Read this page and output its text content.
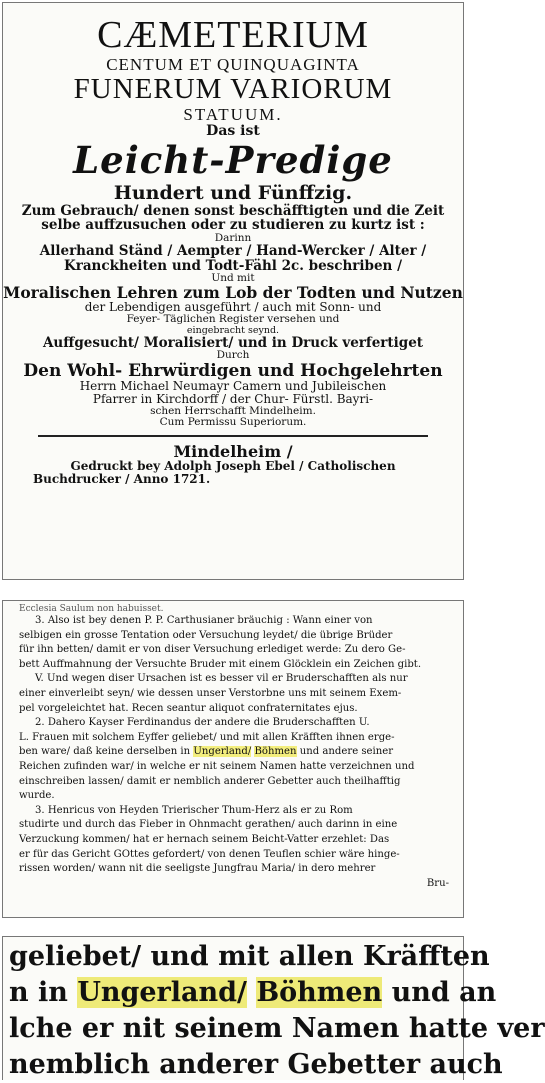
CÆMETERIUM
CENTUM ET QUINQUAGINTA
FUNERUM VARIORUM
STATUUM.
Das ist
Leicht-Predige
Hundert und Fünffzig.
Zum Gebrauch/ denen sonst beschäfftigten und die Zeit
selbe auffzusuchen oder zu studieren zu kurtz ist :
Darinn
Allerhand Ständ / Aempter / Hand-Wercker / Alter /
Kranckheiten und Todt-Fähl 2c. beschriben /
Und mit
Moralischen Lehren zum Lob der Todten und Nutzen
der Lebendigen ausgeführt / auch mit Sonn- und
Feyer- Täglichen Register versehen und
eingebracht seynd.
Auffgesucht/ Moralisiert/ und in Druck verfertiget
Durch
Den Wohl- Ehrwürdigen und Hochgelehrten
Herrn Michael Neumayr Camern und Jubileischen
Pfarrer in Kirchdorff / der Chur- Fürstl. Bayri-
schen Herrschafft Mindelheim.
Cum Permissu Superiorum.
Mindelheim /
Gedruckt bey Adolph Joseph Ebel / Catholischen
Buchdrucker / Anno 1721.
Ecclesia Saulum non habuisset.
3. Also ist bey denen P. P. Carthusianer bräuchig : Wann einer von
selbigen ein grosse Tentation oder Versuchung leydet/ die übrige Brüder
für ihn betten/ damit er von diser Versuchung erlediget werde: Zu dero Ge-
bett Auffmahnung der Versuchte Bruder mit einem Glöcklein ein Zeichen gibt.
V. Und wegen diser Ursachen ist es besser vil er Bruderschafften als nur
einer einverleibt seyn/ wie dessen unser Verstorbne uns mit seinem Exem-
pel vorgeleichtet hat. Recen seantur aliquot confraternitates ejus.
2. Dahero Kayser Ferdinandus der andere die Bruderschafften U.
L. Frauen mit solchem Eyffer geliebet/ und mit allen Kräfften ihnen erge-
ben ware/ daß keine derselben in Ungerland/ Böhmen und andere seiner
Reichen zufinden war/ in welche er nit seinem Namen hatte verzeichnen und
einschreiben lassen/ damit er nemblich anderer Gebetter auch theilhafftig
wurde.
3. Henricus von Heyden Trierischer Thum-Herz als er zu Rom
studirte und durch das Fieber in Ohnmacht gerathen/ auch darinn in eine
Verzuckung kommen/ hat er hernach seinem Beicht-Vatter erzehlet: Das
er für das Gericht GOttes gefordert/ von denen Teuflen schier wäre hinge-
rissen worden/ wann nit die seeligste Jungfrau Maria/ in dero mehrer
Bru-
geliebet/ und mit allen Kräfften
n in Ungerland/ Böhmen und an
lche er nit seinem Namen hatte ver
nemblich anderer Gebetter auch
